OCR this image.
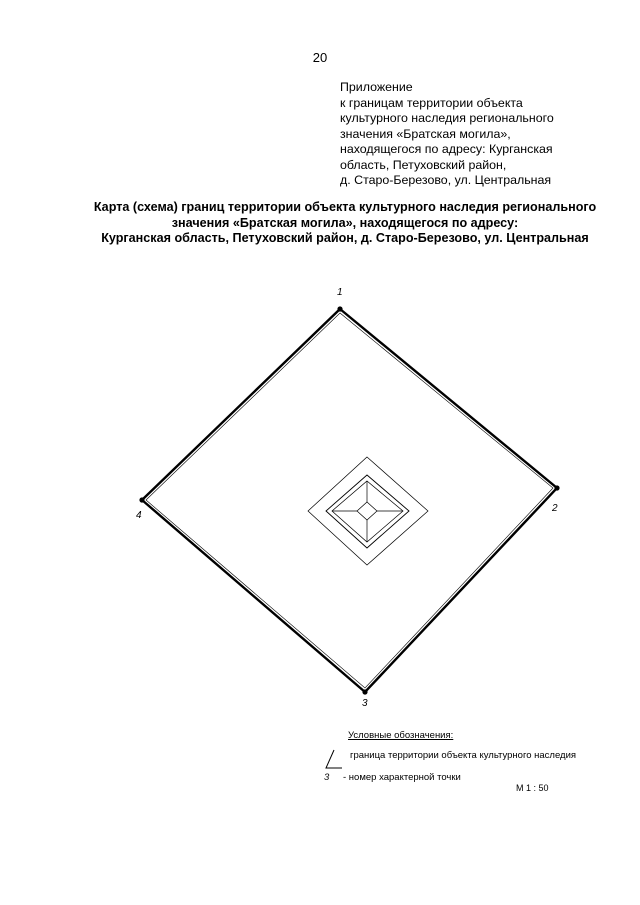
20
Приложение
к границам территории объекта
культурного наследия регионального
значения «Братская могила»,
находящегося по адресу: Курганская
область, Петуховский район,
д. Старо-Березово, ул. Центральная
Карта (схема) границ территории объекта культурного наследия регионального
значения «Братская могила», находящегося по адресу:
Курганская область, Петуховский район, д. Старо-Березово, ул. Центральная
1
2
3
4
Условные обозначения:
граница территории объекта культурного наследия
3 - номер характерной точки
М 1 : 50
